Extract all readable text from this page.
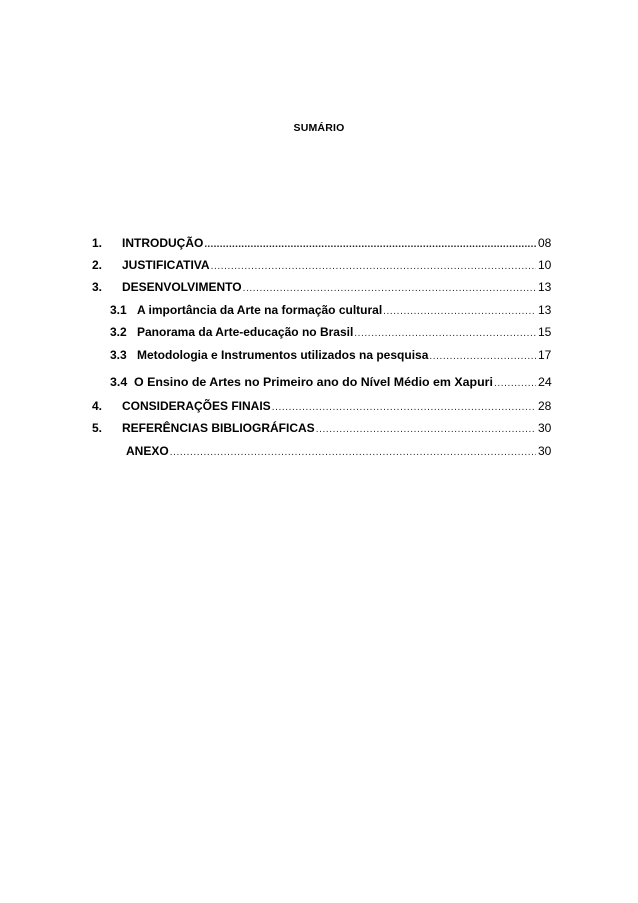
SUMÁRIO
1. INTRODUÇÃO .....	08
2. JUSTIFICATIVA .....	10
3. DESENVOLVIMENTO .....	13
3.1 A importância da Arte na formação cultural .....	13
3.2 Panorama da Arte-educação no Brasil .....	15
3.3 Metodologia e Instrumentos utilizados na pesquisa .....	17
3.4 O Ensino de Artes no Primeiro ano do Nível Médio em Xapuri .....	24
4. CONSIDERAÇÕES FINAIS .....	28
5. REFERÊNCIAS BIBLIOGRÁFICAS .....	30
ANEXO .....	30
